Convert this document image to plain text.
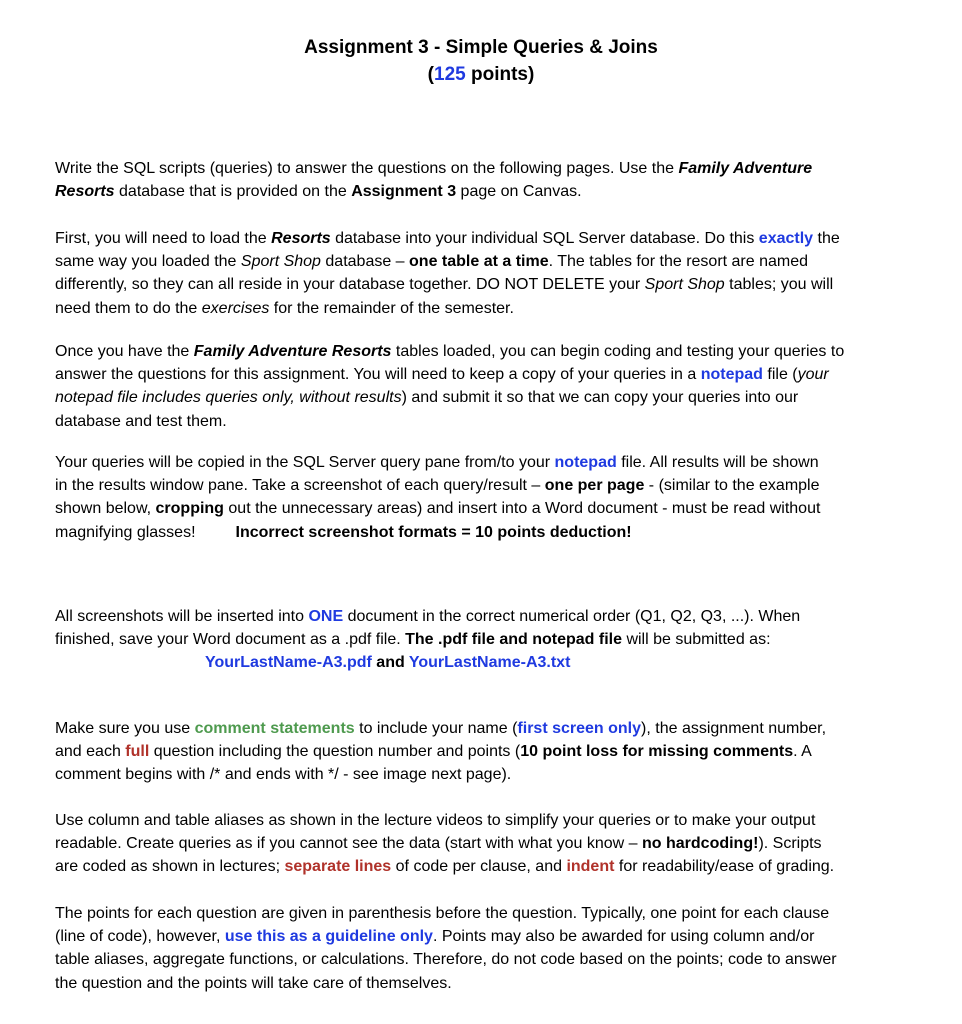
Assignment 3 - Simple Queries & Joins
(125 points)
Write the SQL scripts (queries) to answer the questions on the following pages. Use the Family Adventure
Resorts database that is provided on the Assignment 3 page on Canvas.
First, you will need to load the Resorts database into your individual SQL Server database. Do this exactly the
same way you loaded the Sport Shop database – one table at a time. The tables for the resort are named
differently, so they can all reside in your database together. DO NOT DELETE your Sport Shop tables; you will
need them to do the exercises for the remainder of the semester.
Once you have the Family Adventure Resorts tables loaded, you can begin coding and testing your queries to
answer the questions for this assignment. You will need to keep a copy of your queries in a notepad file (your
notepad file includes queries only, without results) and submit it so that we can copy your queries into our
database and test them.
Your queries will be copied in the SQL Server query pane from/to your notepad file. All results will be shown
in the results window pane. Take a screenshot of each query/result – one per page - (similar to the example
shown below, cropping out the unnecessary areas) and insert into a Word document - must be read without
magnifying glasses!	Incorrect screenshot formats = 10 points deduction!
All screenshots will be inserted into ONE document in the correct numerical order (Q1, Q2, Q3, ...). When
finished, save your Word document as a .pdf file. The .pdf file and notepad file will be submitted as:
YourLastName-A3.pdf and YourLastName-A3.txt
Make sure you use comment statements to include your name (first screen only), the assignment number,
and each full question including the question number and points (10 point loss for missing comments. A
comment begins with /* and ends with */ - see image next page).
Use column and table aliases as shown in the lecture videos to simplify your queries or to make your output
readable. Create queries as if you cannot see the data (start with what you know – no hardcoding!). Scripts
are coded as shown in lectures; separate lines of code per clause, and indent for readability/ease of grading.
The points for each question are given in parenthesis before the question. Typically, one point for each clause
(line of code), however, use this as a guideline only. Points may also be awarded for using column and/or
table aliases, aggregate functions, or calculations. Therefore, do not code based on the points; code to answer
the question and the points will take care of themselves.
